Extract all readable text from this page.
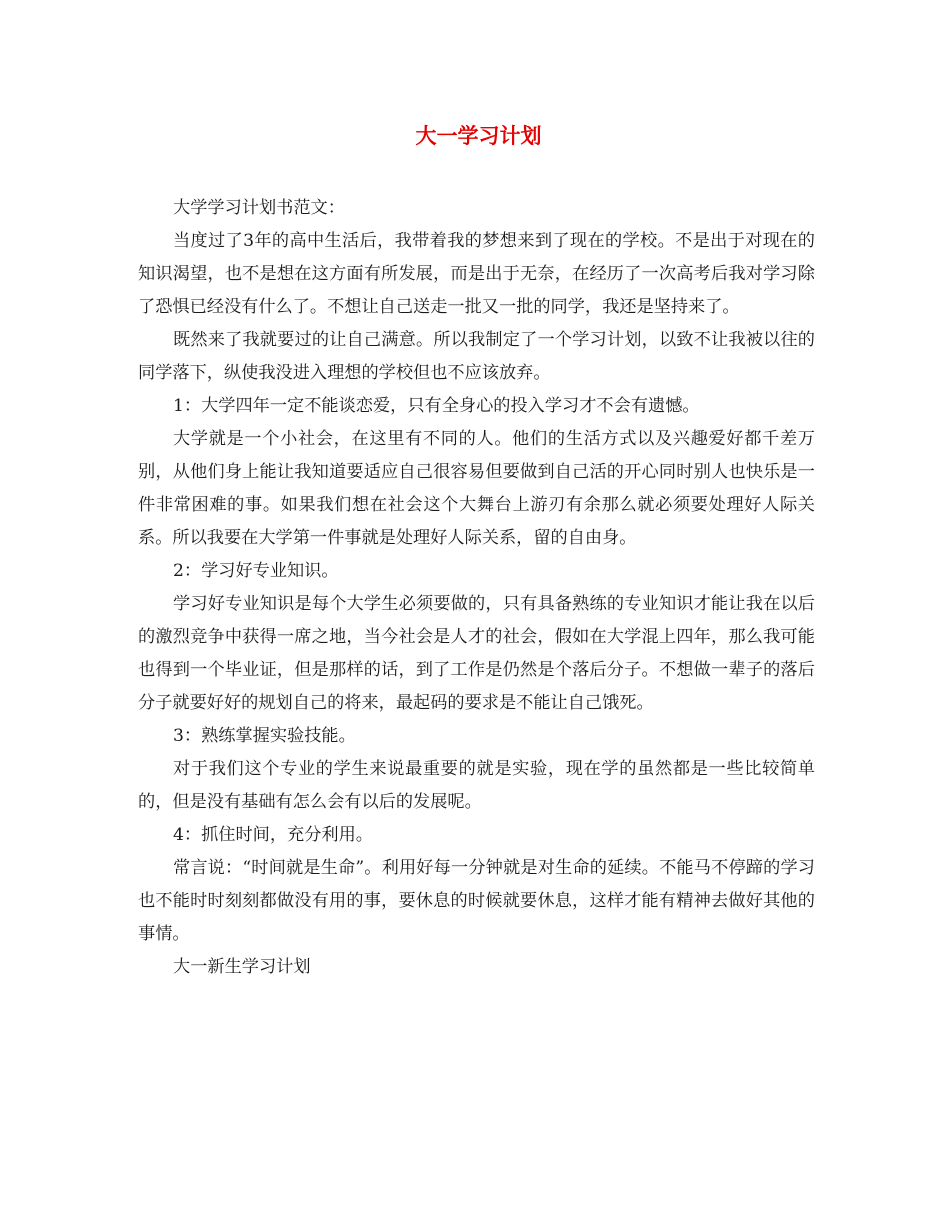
大一学习计划

大学学习计划书范文：

当度过了3年的高中生活后，我带着我的梦想来到了现在的学校。不是出于对现在的知识渴望，也不是想在这方面有所发展，而是出于无奈，在经历了一次高考后我对学习除了恐惧已经没有什么了。不想让自己送走一批又一批的同学，我还是坚持来了。

既然来了我就要过的让自己满意。所以我制定了一个学习计划，以致不让我被以往的同学落下，纵使我没进入理想的学校但也不应该放弃。

1：大学四年一定不能谈恋爱，只有全身心的投入学习才不会有遗憾。

大学就是一个小社会，在这里有不同的人。他们的生活方式以及兴趣爱好都千差万别，从他们身上能让我知道要适应自己很容易但要做到自己活的开心同时别人也快乐是一件非常困难的事。如果我们想在社会这个大舞台上游刃有余那么就必须要处理好人际关系。所以我要在大学第一件事就是处理好人际关系，留的自由身。

2：学习好专业知识。

学习好专业知识是每个大学生必须要做的，只有具备熟练的专业知识才能让我在以后的激烈竞争中获得一席之地，当今社会是人才的社会，假如在大学混上四年，那么我可能也得到一个毕业证，但是那样的话，到了工作是仍然是个落后分子。不想做一辈子的落后分子就要好好的规划自己的将来，最起码的要求是不能让自己饿死。

3：熟练掌握实验技能。

对于我们这个专业的学生来说最重要的就是实验，现在学的虽然都是一些比较简单的，但是没有基础有怎么会有以后的发展呢。

4：抓住时间，充分利用。

常言说：“时间就是生命”。利用好每一分钟就是对生命的延续。不能马不停蹄的学习也不能时时刻刻都做没有用的事，要休息的时候就要休息，这样才能有精神去做好其他的 事情。

大一新生学习计划
